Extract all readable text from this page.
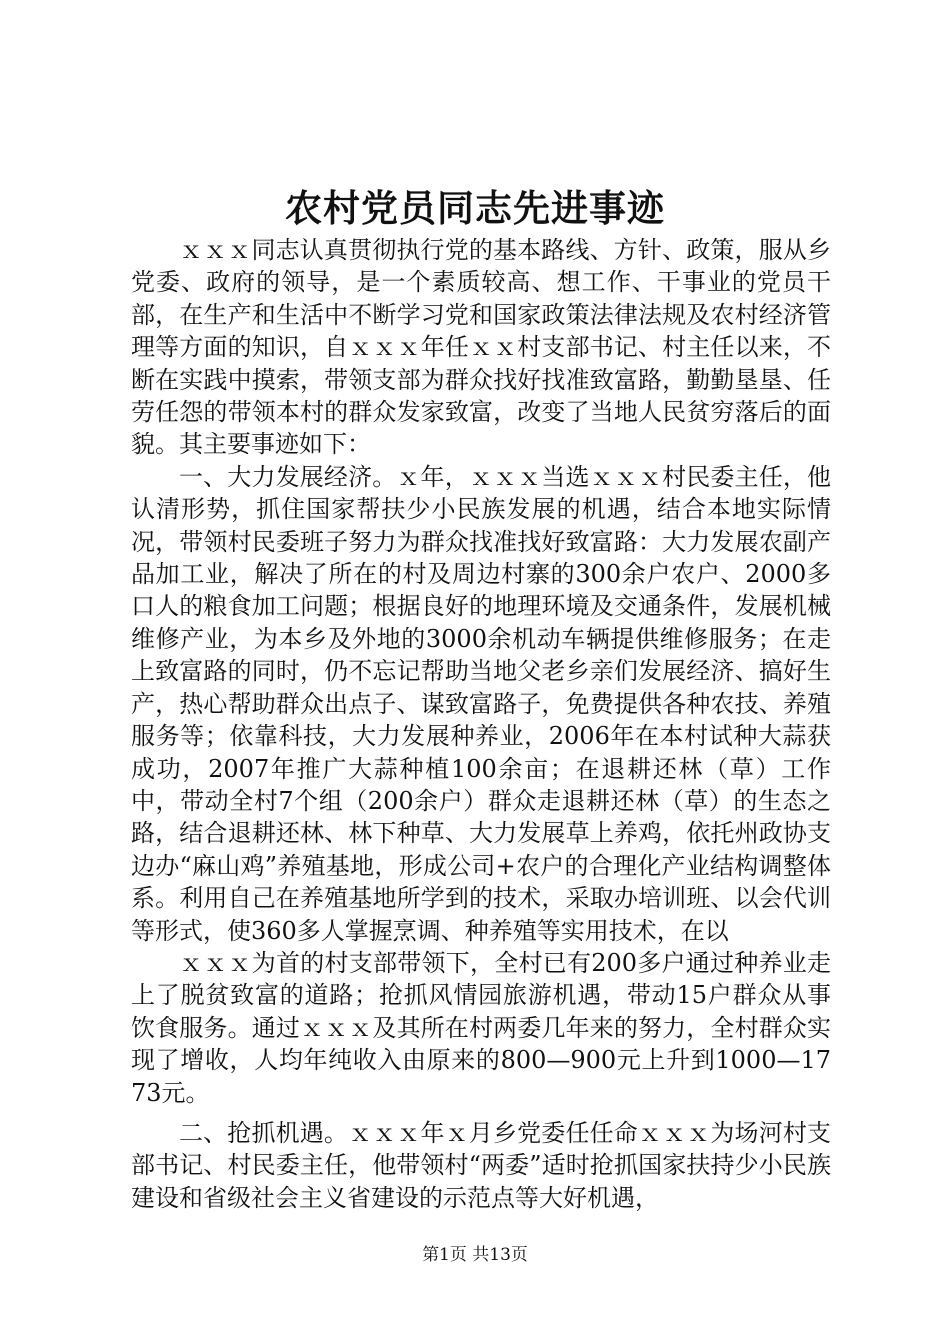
农村党员同志先进事迹

ｘｘｘ同志认真贯彻执行党的基本路线、方针、政策，服从乡党委、政府的领导，是一个素质较高、想工作、干事业的党员干部，在生产和生活中不断学习党和国家政策法律法规及农村经济管理等方面的知识，自ｘｘｘ年任ｘｘ村支部书记、村主任以来，不断在实践中摸索，带领支部为群众找好找准致富路，勤勤垦垦、任劳任怨的带领本村的群众发家致富，改变了当地人民贫穷落后的面貌。其主要事迹如下：

一、大力发展经济。ｘ年，ｘｘｘ当选ｘｘｘ村民委主任，他认清形势，抓住国家帮扶少小民族发展的机遇，结合本地实际情况，带领村民委班子努力为群众找准找好致富路：大力发展农副产品加工业，解决了所在的村及周边村寨的300余户农户、2000多口人的粮食加工问题；根据良好的地理环境及交通条件，发展机械维修产业，为本乡及外地的3000余机动车辆提供维修服务；在走上致富路的同时，仍不忘记帮助当地父老乡亲们发展经济、搞好生产，热心帮助群众出点子、谋致富路子，免费提供各种农技、养殖服务等；依靠科技，大力发展种养业，2006年在本村试种大蒜获成功，2007年推广大蒜种植100余亩；在退耕还林（草）工作中，带动全村7个组（200余户）群众走退耕还林（草）的生态之路，结合退耕还林、林下种草、大力发展草上养鸡，依托州政协支边办“麻山鸡”养殖基地，形成公司+农户的合理化产业结构调整体系。利用自己在养殖基地所学到的技术，采取办培训班、以会代训等形式，使360多人掌握烹调、种养殖等实用技术，在以

ｘｘｘ为首的村支部带领下，全村已有200多户通过种养业走上了脱贫致富的道路；抢抓风情园旅游机遇，带动15户群众从事饮食服务。通过ｘｘｘ及其所在村两委几年来的努力，全村群众实现了增收，人均年纯收入由原来的800—900元上升到1000—1773元。

二、抢抓机遇。ｘｘｘ年ｘ月乡党委任任命ｘｘｘ为场河村支部书记、村民委主任，他带领村“两委”适时抢抓国家扶持少小民族建设和省级社会主义省建设的示范点等大好机遇，

第1页 共13页
